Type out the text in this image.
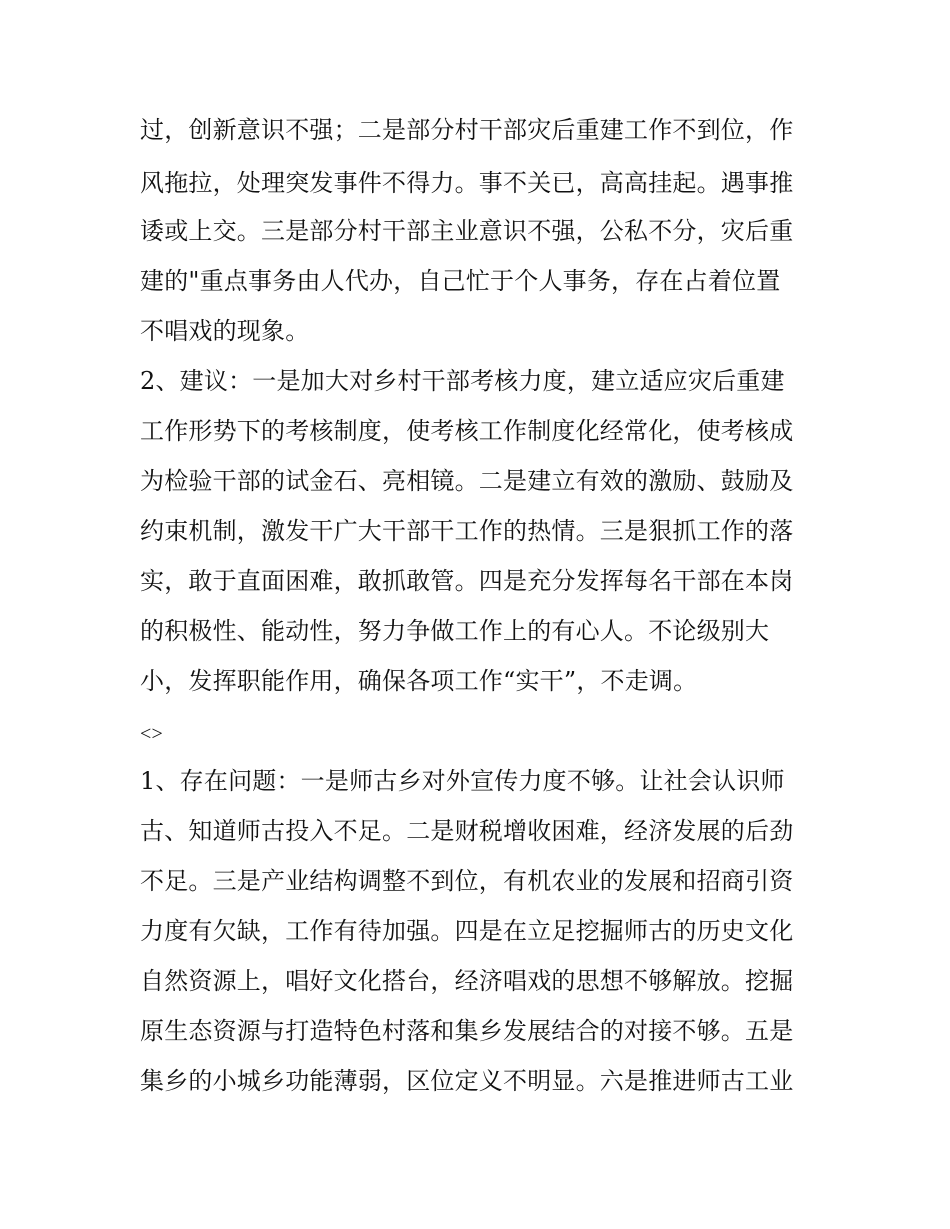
过，创新意识不强；二是部分村干部灾后重建工作不到位，作
风拖拉，处理突发事件不得力。事不关已，高高挂起。遇事推
诿或上交。三是部分村干部主业意识不强，公私不分，灾后重
建的"重点事务由人代办，自己忙于个人事务，存在占着位置
不唱戏的现象。
2、建议：一是加大对乡村干部考核力度，建立适应灾后重建
工作形势下的考核制度，使考核工作制度化经常化，使考核成
为检验干部的试金石、亮相镜。二是建立有效的激励、鼓励及
约束机制，激发干广大干部干工作的热情。三是狠抓工作的落
实，敢于直面困难，敢抓敢管。四是充分发挥每名干部在本岗
的积极性、能动性，努力争做工作上的有心人。不论级别大
小，发挥职能作用，确保各项工作“实干”，不走调。
<>
1、存在问题：一是师古乡对外宣传力度不够。让社会认识师
古、知道师古投入不足。二是财税增收困难，经济发展的后劲
不足。三是产业结构调整不到位，有机农业的发展和招商引资
力度有欠缺，工作有待加强。四是在立足挖掘师古的历史文化
自然资源上，唱好文化搭台，经济唱戏的思想不够解放。挖掘
原生态资源与打造特色村落和集乡发展结合的对接不够。五是
集乡的小城乡功能薄弱，区位定义不明显。六是推进师古工业
